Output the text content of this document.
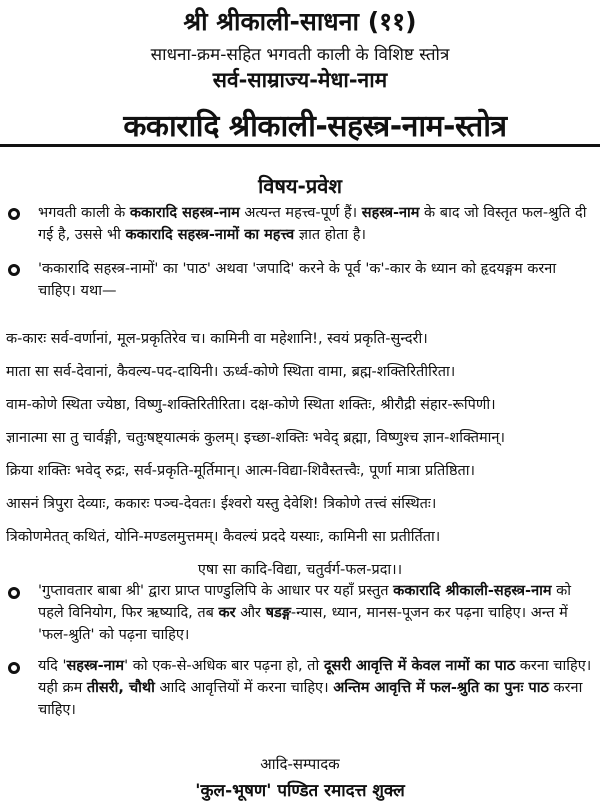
श्री श्रीकाली-साधना (११)
साधना-क्रम-सहित भगवती काली के विशिष्ट स्तोत्र
सर्व-साम्राज्य-मेधा-नाम
ककारादि श्रीकाली-सहस्त्र-नाम-स्तोत्र
विषय-प्रवेश
भगवती काली के ककारादि सहस्त्र-नाम अत्यन्त महत्त्व-पूर्ण हैं। सहस्त्र-नाम के बाद जो विस्तृत फल-श्रुति दी गई है, उससे भी ककारादि सहस्त्र-नामों का महत्त्व ज्ञात होता है।
'ककारादि सहस्त्र-नामों' का 'पाठ' अथवा 'जपादि' करने के पूर्व 'क'-कार के ध्यान को हृदयङ्गम करना चाहिए। यथा—
क-कारः सर्व-वर्णानां, मूल-प्रकृतिरेव च। कामिनी वा महेशानि!, स्वयं प्रकृति-सुन्दरी।
माता सा सर्व-देवानां, कैवल्य-पद-दायिनी। ऊर्ध्व-कोणे स्थिता वामा, ब्रह्म-शक्तिरितीरिता।
वाम-कोणे स्थिता ज्येष्ठा, विष्णु-शक्तिरितीरिता। दक्ष-कोणे स्थिता शक्तिः, श्रीरौद्री संहार-रूपिणी।
ज्ञानात्मा सा तु चार्वङ्गी, चतुःषष्ट्यात्मकं कुलम्। इच्छा-शक्तिः भवेद् ब्रह्मा, विष्णुश्च ज्ञान-शक्तिमान्।
क्रिया शक्तिः भवेद् रुद्रः, सर्व-प्रकृति-मूर्तिमान्। आत्म-विद्या-शिवैस्तत्त्वैः, पूर्णा मात्रा प्रतिष्ठिता।
आसनं त्रिपुरा देव्याः, ककारः पञ्च-देवतः। ईश्वरो यस्तु देवेशि! त्रिकोणे तत्त्वं संस्थितः।
त्रिकोणमेतत् कथितं, योनि-मण्डलमुत्तमम्। कैवल्यं प्रददे यस्याः, कामिनी सा प्रतीर्तिता।
एषा सा कादि-विद्या, चतुर्वर्ग-फल-प्रदा।।
'गुप्तावतार बाबा श्री' द्वारा प्राप्त पाण्डुलिपि के आधार पर यहाँ प्रस्तुत ककारादि श्रीकाली-सहस्त्र-नाम को पहले विनियोग, फिर ऋष्यादि, तब कर और षडङ्ग-न्यास, ध्यान, मानस-पूजन कर पढ़ना चाहिए। अन्त में 'फल-श्रुति' को पढ़ना चाहिए।
यदि 'सहस्त्र-नाम' को एक-से-अधिक बार पढ़ना हो, तो दूसरी आवृत्ति में केवल नामों का पाठ करना चाहिए। यही क्रम तीसरी, चौथी आदि आवृत्तियों में करना चाहिए। अन्तिम आवृत्ति में फल-श्रुति का पुनः पाठ करना चाहिए।
आदि-सम्पादक
'कुल-भूषण' पण्डित रमादत्त शुक्ल
